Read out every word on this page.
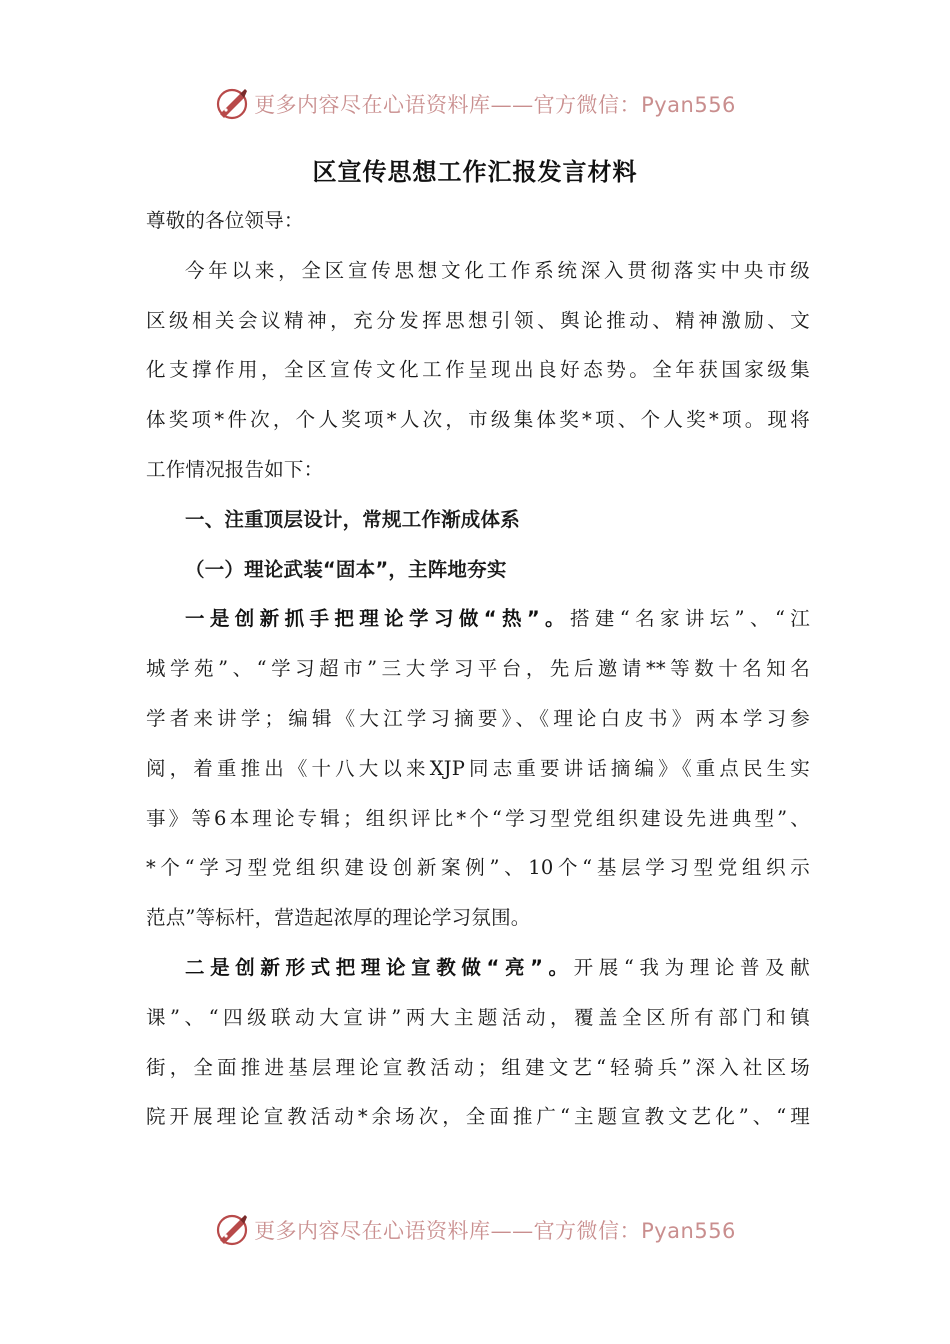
更多内容尽在心语资料库——官方微信：Pyan556
区宣传思想工作汇报发言材料
尊敬的各位领导：
今年以来，全区宣传思想文化工作系统深入贯彻落实中央市级
区级相关会议精神，充分发挥思想引领、舆论推动、精神激励、文
化支撑作用，全区宣传文化工作呈现出良好态势。全年获国家级集
体奖项*件次，个人奖项*人次，市级集体奖*项、个人奖*项。现将
工作情况报告如下：
一、注重顶层设计，常规工作渐成体系
（一）理论武装“固本”，主阵地夯实
一是创新抓手把理论学习做“热”。搭建“名家讲坛”、“江
城学苑”、“学习超市”三大学习平台，先后邀请**等数十名知名
学者来讲学；编辑《大江学习摘要》、《理论白皮书》两本学习参
阅，着重推出《十八大以来XJP同志重要讲话摘编》《重点民生实
事》等6本理论专辑；组织评比*个“学习型党组织建设先进典型”、
*个“学习型党组织建设创新案例”、10个“基层学习型党组织示
范点”等标杆，营造起浓厚的理论学习氛围。
二是创新形式把理论宣教做“亮”。开展“我为理论普及献
课”、“四级联动大宣讲”两大主题活动，覆盖全区所有部门和镇
街，全面推进基层理论宣教活动；组建文艺“轻骑兵”深入社区场
院开展理论宣教活动*余场次，全面推广“主题宣教文艺化”、“理
更多内容尽在心语资料库——官方微信：Pyan556
